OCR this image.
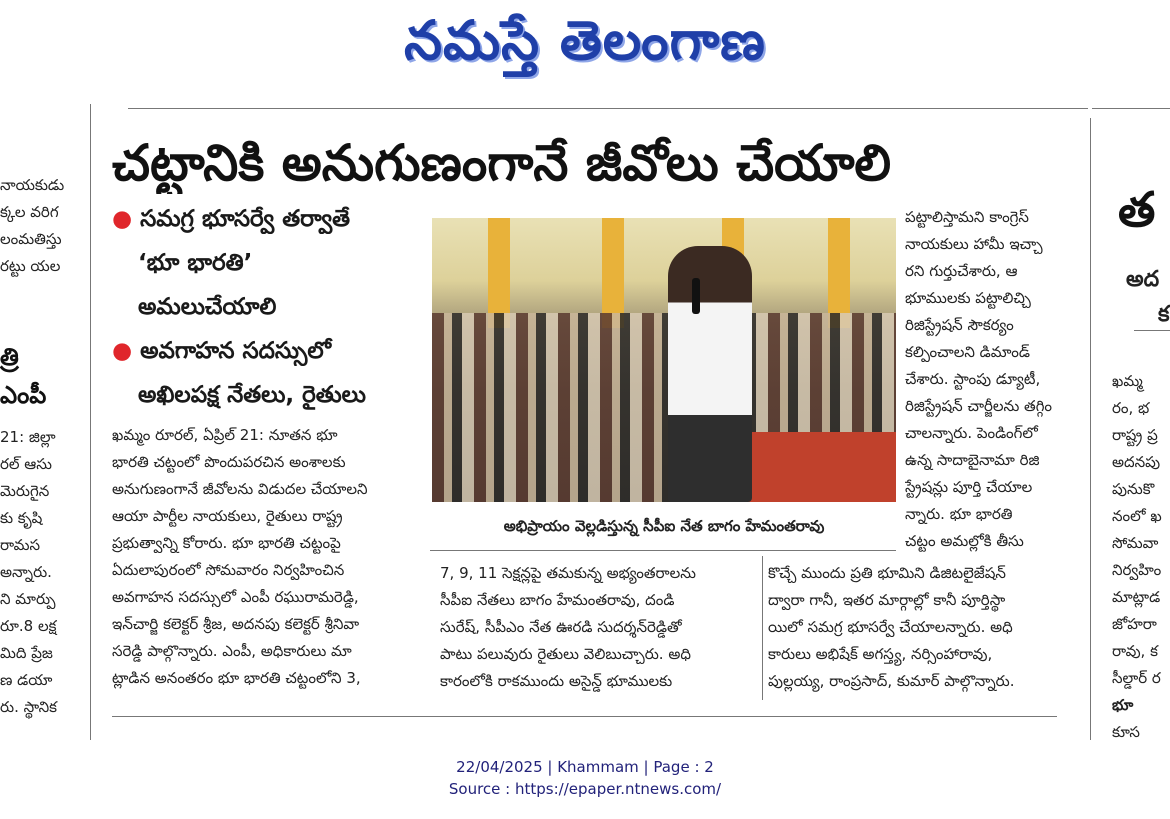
నమస్తే తెలంగాణ
నాయకుడు
క్కల వరిగ
లంమతిస్తు
రట్టు యల
త్రి
ఎంపీ
21: జిల్లా
రల్ ఆసు
మెరుగైన
కు కృషి
రామస
అన్నారు.
ని మార్పు
రూ.8 లక్ష
మిది ప్రేజ
ణ డయా
రు. స్థానిక
చట్టానికి అనుగుణంగానే జీవోలు చేయాలి
● సమగ్ర భూసర్వే తర్వాతే
‘భూ భారతి’
అమలుచేయాలి
● అవగాహన సదస్సులో
అఖిలపక్ష నేతలు, రైతులు
ఖమ్మం రూరల్, ఏప్రిల్ 21: నూతన భూ
భారతి చట్టంలో పొందుపరచిన అంశాలకు
అనుగుణంగానే జీవోలను విడుదల చేయాలని
ఆయా పార్టీల నాయకులు, రైతులు రాష్ట్ర
ప్రభుత్వాన్ని కోరారు. భూ భారతి చట్టంపై
ఏదులాపురంలో సోమవారం నిర్వహించిన
అవగాహన సదస్సులో ఎంపీ రఘురామరెడ్డి,
ఇన్‌చార్జి కలెక్టర్ శ్రీజ, అదనపు కలెక్టర్ శ్రీనివా
సరెడ్డి పాల్గొన్నారు. ఎంపీ, అధికారులు మా
ట్లాడిన అనంతరం భూ భారతి చట్టంలోని 3,
అభిప్రాయం వెల్లడిస్తున్న సీపీఐ నేత బాగం హేమంతరావు
7, 9, 11 సెక్షన్లపై తమకున్న అభ్యంతరాలను
సీపీఐ నేతలు బాగం హేమంతరావు, దండి
సురేష్, సీపీఎం నేత ఊరడి సుదర్శన్‌రెడ్డితో
పాటు పలువురు రైతులు వెలిబుచ్చారు. అధి
కారంలోకి రాకముందు అసైన్డ్ భూములకు
పట్టాలిస్తామని కాంగ్రెస్
నాయకులు హామీ ఇచ్చా
రని గుర్తుచేశారు, ఆ
భూములకు పట్టాలిచ్చి
రిజిస్ట్రేషన్ సౌకర్యం
కల్పించాలని డిమాండ్
చేశారు. స్టాంపు డ్యూటీ,
రిజిస్ట్రేషన్ చార్జీలను తగ్గిం
చాలన్నారు. పెండింగ్‌లో
ఉన్న సాదాబైనామా రిజి
స్ట్రేషన్లు పూర్తి చేయాల
న్నారు. భూ భారతి
చట్టం అమల్లోకి తీసు
కొచ్చే ముందు ప్రతి భూమిని డిజిటలైజేషన్
ద్వారా గానీ, ఇతర మార్గాల్లో కానీ పూర్తిస్థా
యిలో సమగ్ర భూసర్వే చేయాలన్నారు. అధి
కారులు అభిషేక్ అగస్త్య, నర్సింహారావు,
పుల్లయ్య, రాంప్రసాద్, కుమార్ పాల్గొన్నారు.
త
అద
క
ఖమ్మ
రం, భ
రాష్ట్ర ప్ర
అదనపు
పునుకొ
నంలో ఖ
సోమవా
నిర్వహిం
మాట్లాడ
జోహరా
రావు, క
సీల్డార్ ర
భూ
కూస
22/04/2025 | Khammam | Page : 2
Source : https://epaper.ntnews.com/
